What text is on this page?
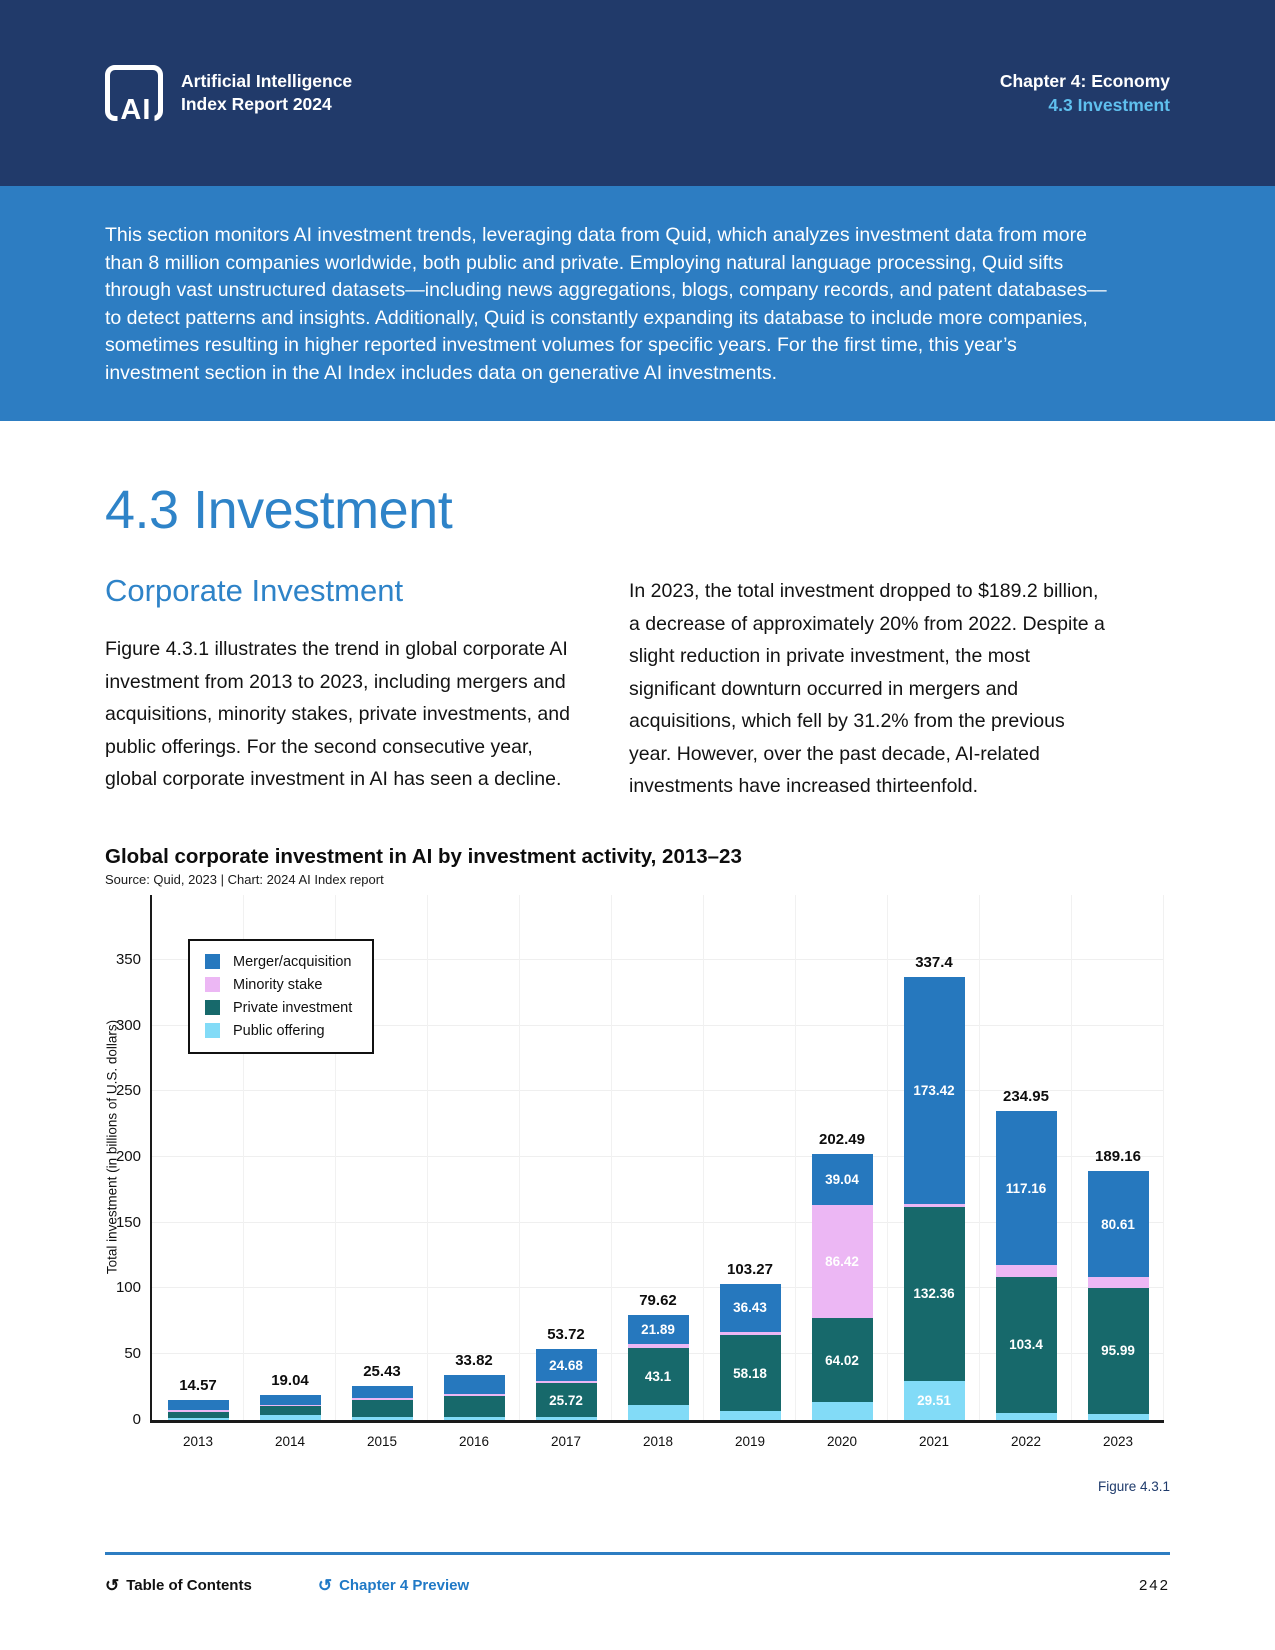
AI
Artificial Intelligence
Index Report 2024
Chapter 4: Economy
4.3 Investment

This section monitors AI investment trends, leveraging data from Quid, which analyzes investment data from more than 8 million companies worldwide, both public and private. Employing natural language processing, Quid sifts through vast unstructured datasets—including news aggregations, blogs, company records, and patent databases—to detect patterns and insights. Additionally, Quid is constantly expanding its database to include more companies, sometimes resulting in higher reported investment volumes for specific years. For the first time, this year’s investment section in the AI Index includes data on generative AI investments.

4.3 Investment
Corporate Investment

Figure 4.3.1 illustrates the trend in global corporate AI investment from 2013 to 2023, including mergers and acquisitions, minority stakes, private investments, and public offerings. For the second consecutive year, global corporate investment in AI has seen a decline.

In 2023, the total investment dropped to $189.2 billion, a decrease of approximately 20% from 2022. Despite a slight reduction in private investment, the most significant downturn occurred in mergers and acquisitions, which fell by 31.2% from the previous year. However, over the past decade, AI-related investments have increased thirteenfold.

Global corporate investment in AI by investment activity, 2013–23
Source: Quid, 2023 | Chart: 2024 AI Index report
Total investment (in billions of U.S. dollars)
Merger/acquisition
Minority stake
Private investment
Public offering
0
50
100
150
200
250
300
350
14.57
2013
19.04
2014
25.43
2015
33.82
2016
25.72
24.68
53.72
2017
43.1
21.89
79.62
2018
58.18
36.43
103.27
2019
64.02
86.42
39.04
202.49
2020
29.51
132.36
173.42
337.4
2021
103.4
117.16
234.95
2022
95.99
80.61
189.16
2023
Figure 4.3.1
↺ Table of Contents	↺ Chapter 4 Preview	242
